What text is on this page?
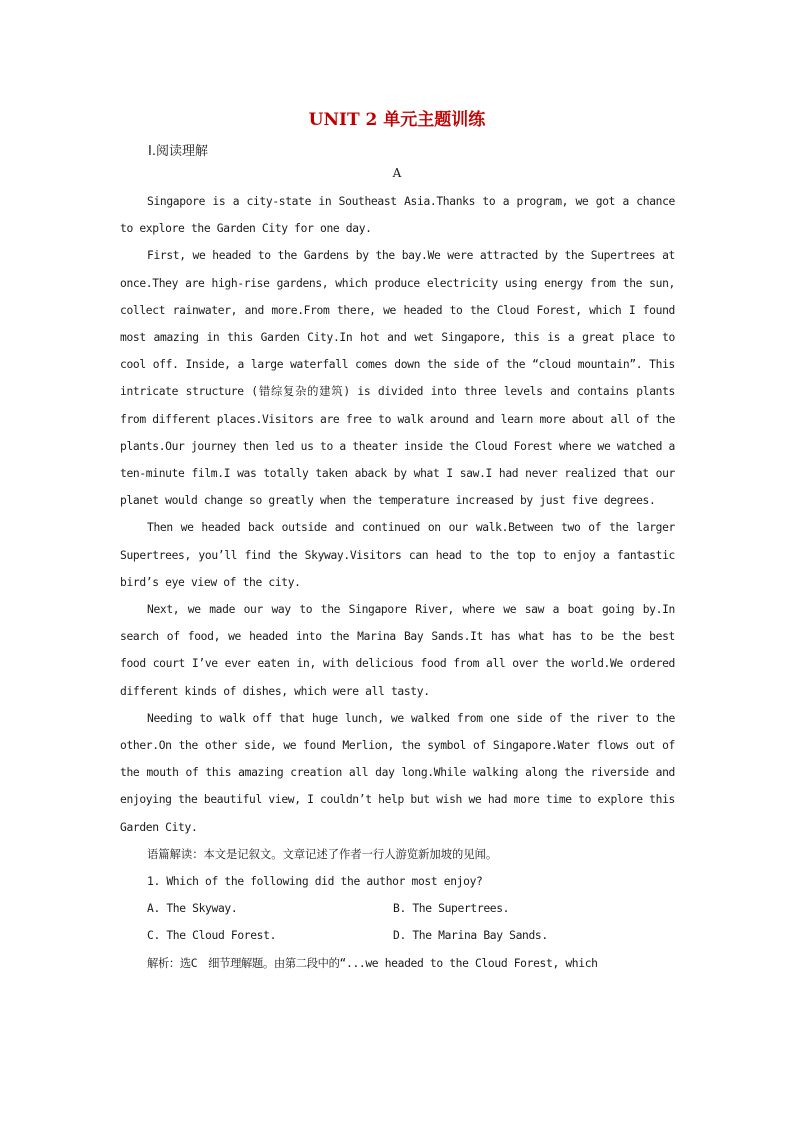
UNIT 2 单元主题训练
Ⅰ.阅读理解
A

Singapore is a city-state in Southeast Asia.Thanks to a program, we got a chance to explore the Garden City for one day.

First, we headed to the Gardens by the bay.We were attracted by the Supertrees at once.They are high-rise gardens, which produce electricity using energy from the sun, collect rainwater, and more.From there, we headed to the Cloud Forest, which I found most amazing in this Garden City.In hot and wet Singapore, this is a great place to cool off. Inside, a large waterfall comes down the side of the “cloud mountain”. This intricate structure (错综复杂的建筑) is divided into three levels and contains plants from different places.Visitors are free to walk around and learn more about all of the plants.Our journey then led us to a theater inside the Cloud Forest where we watched a ten-minute film.I was totally taken aback by what I saw.I had never realized that our planet would change so greatly when the temperature increased by just five degrees.

Then we headed back outside and continued on our walk.Between two of the larger Supertrees, you’ll find the Skyway.Visitors can head to the top to enjoy a fantastic bird’s eye view of the city.

Next, we made our way to the Singapore River, where we saw a boat going by.In search of food, we headed into the Marina Bay Sands.It has what has to be the best food court I’ve ever eaten in, with delicious food from all over the world.We ordered different kinds of dishes, which were all tasty.

Needing to walk off that huge lunch, we walked from one side of the river to the other.On the other side, we found Merlion, the symbol of Singapore.Water flows out of the mouth of this amazing creation all day long.While walking along the riverside and enjoying the beautiful view, I couldn’t help but wish we had more time to explore this Garden City.

语篇解读：本文是记叙文。文章记述了作者一行人游览新加坡的见闻。

1. Which of the following did the author most enjoy?

A. The Skyway.	B. The Supertrees.
C. The Cloud Forest.	D. The Marina Bay Sands.

解析：选C　细节理解题。由第二段中的“...we headed to the Cloud Forest, which
